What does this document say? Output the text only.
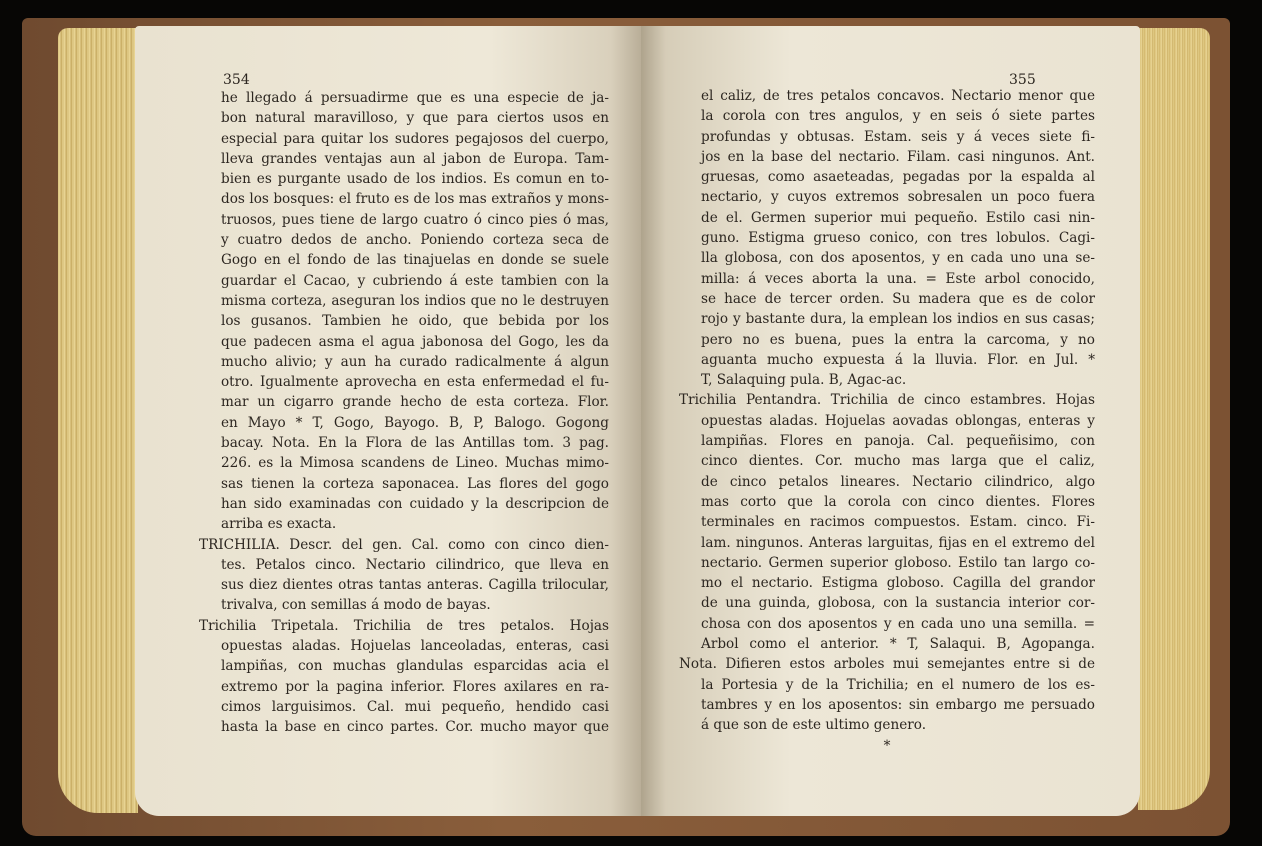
354
he llegado á persuadirme que es una especie de ja-
bon natural maravilloso, y que para ciertos usos en
especial para quitar los sudores pegajosos del cuerpo,
lleva grandes ventajas aun al jabon de Europa. Tam-
bien es purgante usado de los indios. Es comun en to-
dos los bosques: el fruto es de los mas extraños y mons-
truosos, pues tiene de largo cuatro ó cinco pies ó mas,
y cuatro dedos de ancho. Poniendo corteza seca de
Gogo en el fondo de las tinajuelas en donde se suele
guardar el Cacao, y cubriendo á este tambien con la
misma corteza, aseguran los indios que no le destruyen
los gusanos. Tambien he oido, que bebida por los
que padecen asma el agua jabonosa del Gogo, les da
mucho alivio; y aun ha curado radicalmente á algun
otro. Igualmente aprovecha en esta enfermedad el fu-
mar un cigarro grande hecho de esta corteza. Flor.
en Mayo * T, Gogo, Bayogo. B, P, Balogo. Gogong
bacay. Nota. En la Flora de las Antillas tom. 3 pag.
226. es la Mimosa scandens de Lineo. Muchas mimo-
sas tienen la corteza saponacea. Las flores del gogo
han sido examinadas con cuidado y la descripcion de
arriba es exacta.
TRICHILIA. Descr. del gen. Cal. como con cinco dien-
tes. Petalos cinco. Nectario cilindrico, que lleva en
sus diez dientes otras tantas anteras. Cagilla trilocular,
trivalva, con semillas á modo de bayas.
Trichilia Tripetala. Trichilia de tres petalos. Hojas
opuestas aladas. Hojuelas lanceoladas, enteras, casi
lampiñas, con muchas glandulas esparcidas acia el
extremo por la pagina inferior. Flores axilares en ra-
cimos larguisimos. Cal. mui pequeño, hendido casi
hasta la base en cinco partes. Cor. mucho mayor que
355
el caliz, de tres petalos concavos. Nectario menor que
la corola con tres angulos, y en seis ó siete partes
profundas y obtusas. Estam. seis y á veces siete fi-
jos en la base del nectario. Filam. casi ningunos. Ant.
gruesas, como asaeteadas, pegadas por la espalda al
nectario, y cuyos extremos sobresalen un poco fuera
de el. Germen superior mui pequeño. Estilo casi nin-
guno. Estigma grueso conico, con tres lobulos. Cagi-
lla globosa, con dos aposentos, y en cada uno una se-
milla: á veces aborta la una. = Este arbol conocido,
se hace de tercer orden. Su madera que es de color
rojo y bastante dura, la emplean los indios en sus casas;
pero no es buena, pues la entra la carcoma, y no
aguanta mucho expuesta á la lluvia. Flor. en Jul. *
T, Salaquing pula. B, Agac-ac.
Trichilia Pentandra. Trichilia de cinco estambres. Hojas
opuestas aladas. Hojuelas aovadas oblongas, enteras y
lampiñas. Flores en panoja. Cal. pequeñisimo, con
cinco dientes. Cor. mucho mas larga que el caliz,
de cinco petalos lineares. Nectario cilindrico, algo
mas corto que la corola con cinco dientes. Flores
terminales en racimos compuestos. Estam. cinco. Fi-
lam. ningunos. Anteras larguitas, fijas en el extremo del
nectario. Germen superior globoso. Estilo tan largo co-
mo el nectario. Estigma globoso. Cagilla del grandor
de una guinda, globosa, con la sustancia interior cor-
chosa con dos aposentos y en cada uno una semilla. =
Arbol como el anterior. * T, Salaqui. B, Agopanga.
Nota. Difieren estos arboles mui semejantes entre si de
la Portesia y de la Trichilia; en el numero de los es-
tambres y en los aposentos: sin embargo me persuado
á que son de este ultimo genero.
*
